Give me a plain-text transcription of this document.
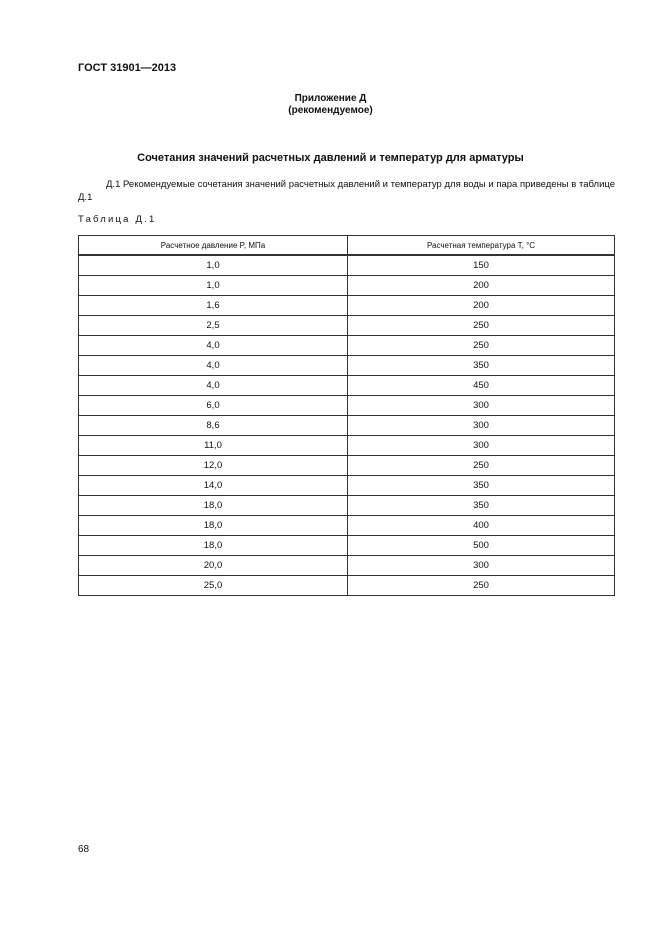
ГОСТ 31901—2013
Приложение Д
(рекомендуемое)
Сочетания значений расчетных давлений и температур для арматуры
Д.1 Рекомендуемые сочетания значений расчетных давлений и температур для воды и пара приведены в таблице Д.1
Таблица Д.1
Расчетное давление P, МПа	Расчетная температура T, °С
1,0	150
1,0	200
1,6	200
2,5	250
4,0	250
4,0	350
4,0	450
6,0	300
8,6	300
11,0	300
12,0	250
14,0	350
18,0	350
18,0	400
18,0	500
20,0	300
25,0	250
68
